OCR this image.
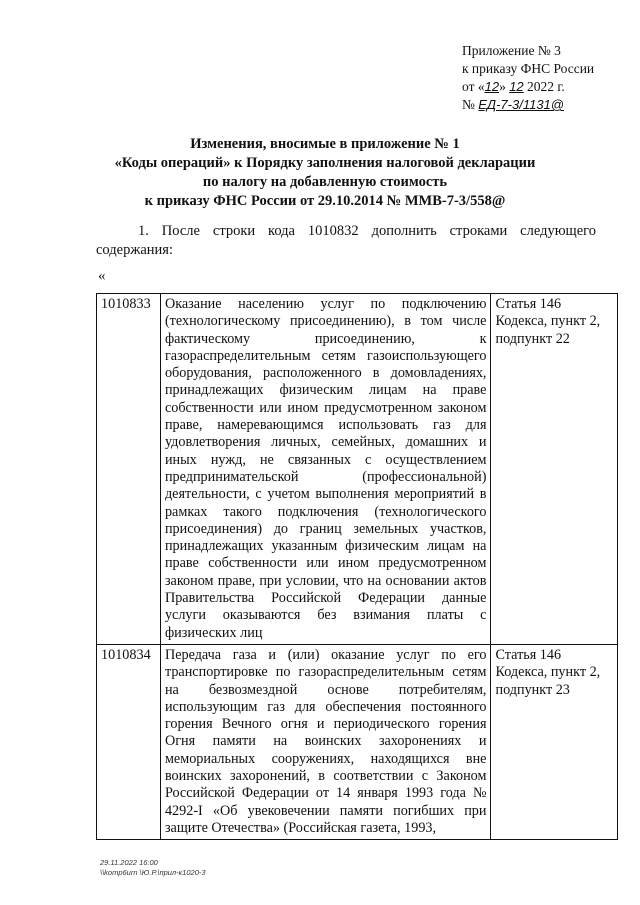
Приложение № 3
к приказу ФНС России
от «12» 12 2022 г.
№ ЕД-7-3/1131@
Изменения, вносимые в приложение № 1
«Коды операций» к Порядку заполнения налоговой декларации
по налогу на добавленную стоимость
к приказу ФНС России от 29.10.2014 № ММВ-7-3/558@
1. После строки кода 1010832 дополнить строками следующего содержания:
«
1010833	Оказание населению услуг по подключению (технологическому присоединению), в том числе фактическому присоединению, к газораспределительным сетям газоиспользующего оборудования, расположенного в домовладениях, принадлежащих физическим лицам на праве собственности или ином предусмотренном законом праве, намеревающимся использовать газ для удовлетворения личных, семейных, домашних и иных нужд, не связанных с осуществлением предпринимательской (профессиональной) деятельности, с учетом выполнения мероприятий в рамках такого подключения (технологического присоединения) до границ земельных участков, принадлежащих указанным физическим лицам на праве собственности или ином предусмотренном законом праве, при условии, что на основании актов Правительства Российской Федерации данные услуги оказываются без взимания платы с физических лиц	Статья 146 Кодекса, пункт 2, подпункт 22
1010834	Передача газа и (или) оказание услуг по его транспортировке по газораспределительным сетям на безвозмездной основе потребителям, использующим газ для обеспечения постоянного горения Вечного огня и периодического горения Огня памяти на воинских захоронениях и мемориальных сооружениях, находящихся вне воинских захоронений, в соответствии с Законом Российской Федерации от 14 января 1993 года № 4292-I «Об увековечении памяти погибших при защите Отечества» (Российская газета, 1993,	Статья 146 Кодекса, пункт 2, подпункт 23
29.11.2022 16:00
\\komp6urn \Ю.Р.\прил-к1020-3
